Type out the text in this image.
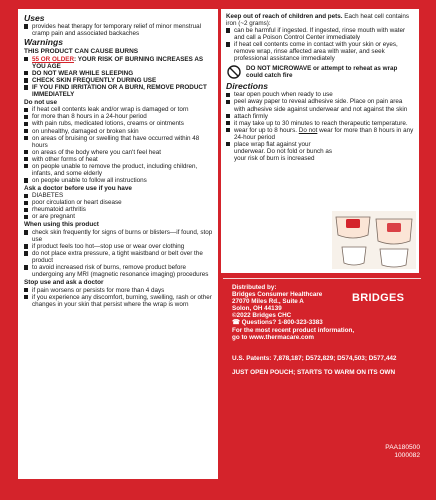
Uses

provides heat therapy for temporary relief of minor menstrual cramp pain and associated backaches

Warnings

THIS PRODUCT CAN CAUSE BURNS

55 OR OLDER: YOUR RISK OF BURNING INCREASES AS YOU AGE
DO NOT WEAR WHILE SLEEPING
CHECK SKIN FREQUENTLY DURING USE
IF YOU FIND IRRITATION OR A BURN, REMOVE PRODUCT IMMEDIATELY

Do not use

if heat cell contents leak and/or wrap is damaged or torn
for more than 8 hours in a 24-hour period
with pain rubs, medicated lotions, creams or ointments
on unhealthy, damaged or broken skin
on areas of bruising or swelling that have occurred within 48 hours
on areas of the body where you can't feel heat
with other forms of heat
on people unable to remove the product, including children, infants, and some elderly
on people unable to follow all instructions

Ask a doctor before use if you have

DIABETES
poor circulation or heart disease
rheumatoid arthritis
or are pregnant

When using this product

check skin frequently for signs of burns or blisters—if found, stop use
if product feels too hot—stop use or wear over clothing
do not place extra pressure, a tight waistband or belt over the product
to avoid increased risk of burns, remove product before undergoing any MRI (magnetic resonance imaging) procedures

Stop use and ask a doctor

if pain worsens or persists for more than 4 days
if you experience any discomfort, burning, swelling, rash or other changes in your skin that persist where the wrap is worn

Keep out of reach of children and pets. Each heat cell contains iron (~2 grams):

can be harmful if ingested. If ingested, rinse mouth with water and call a Poison Control Center immediately
if heat cell contents come in contact with your skin or eyes, remove wrap, rinse affected area with water, and seek professional assistance immediately

DO NOT MICROWAVE or attempt to reheat as wrap could catch fire

Directions

tear open pouch when ready to use
peel away paper to reveal adhesive side. Place on pain area with adhesive side against underwear and not against the skin
attach firmly
it may take up to 30 minutes to reach therapeutic temperature.
wear for up to 8 hours. Do not wear for more than 8 hours in any 24-hour period
place wrap flat against your underwear. Do not fold or bunch as your risk of burn is increased
Distributed by:
Bridges Consumer Healthcare
27070 Miles Rd., Suite A
Solon, OH 44139
©2022 Bridges CHC
☎ Questions? 1-800-323-3383
For the most recent product information,
go to www.thermacare.com
BRIDGES
U.S. Patents: 7,878,187; D572,829; D574,503; D577,442
JUST OPEN POUCH; STARTS TO WARM ON ITS OWN
PAA180500
1000082
